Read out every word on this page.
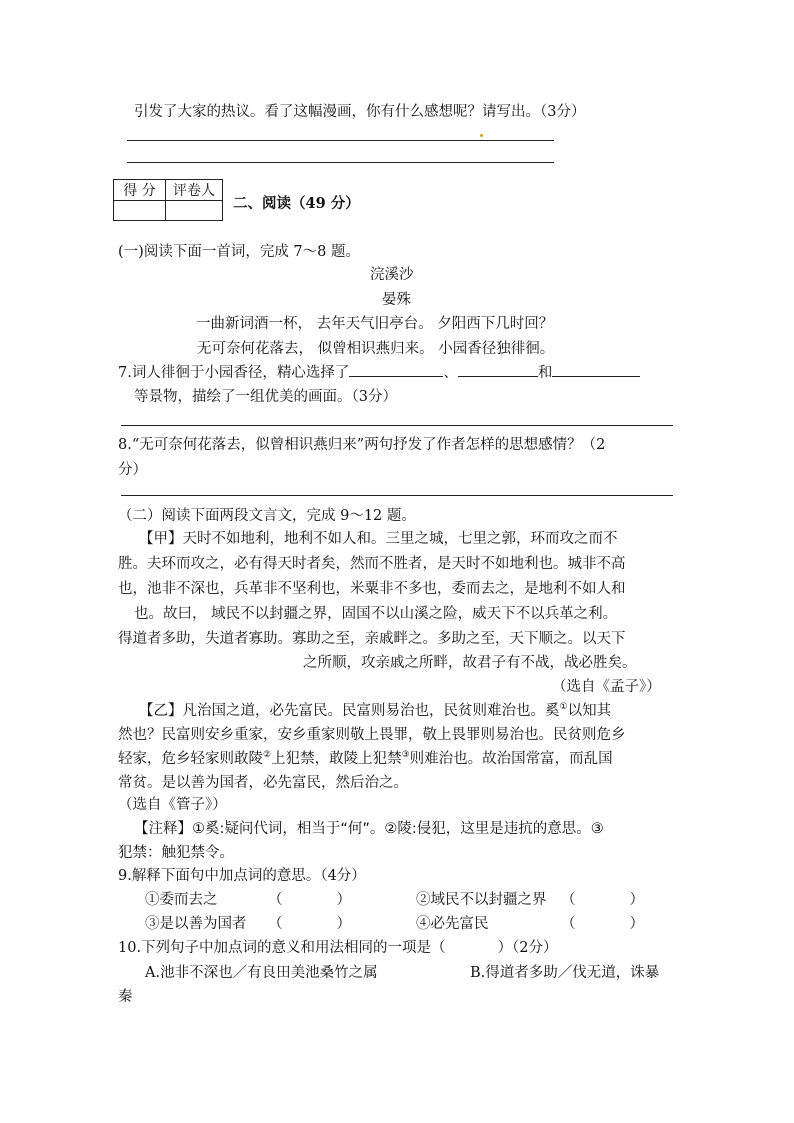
引发了大家的热议。看了这幅漫画，你有什么感想呢？请写出。（3分）
得 分	评卷人

二、阅读（49 分）
(一)阅读下面一首词，完成 7～8 题。
浣溪沙
晏殊
一曲新词酒一杯， 去年天气旧亭台。 夕阳西下几时回？
无可奈何花落去， 似曾相识燕归来。 小园香径独徘徊。
7.词人徘徊于小园香径，精心选择了	、	和
等景物，描绘了一组优美的画面。（3分）
8.“无可奈何花落去，似曾相识燕归来”两句抒发了作者怎样的思想感情？（2
分）
（二）阅读下面两段文言文，完成 9～12 题。
【甲】天时不如地利，地利不如人和。三里之城，七里之郭，环而攻之而不
胜。夫环而攻之，必有得天时者矣，然而不胜者，是天时不如地利也。城非不高
也，池非不深也，兵革非不坚利也，米粟非不多也，委而去之，是地利不如人和
也。故曰， 域民不以封疆之界，固国不以山溪之险，威天下不以兵革之利。
得道者多助，失道者寡助。寡助之至，亲戚畔之。多助之至，天下顺之。以天下
之所顺，攻亲戚之所畔，故君子有不战，战必胜矣。
（选自《孟子》）
【乙】凡治国之道，必先富民。民富则易治也，民贫则难治也。奚①以知其
然也？民富则安乡重家，安乡重家则敬上畏罪，敬上畏罪则易治也。民贫则危乡
轻家，危乡轻家则敢陵②上犯禁，敢陵上犯禁③则难治也。故治国常富，而乱国
常贫。是以善为国者，必先富民，然后治之。
（选自《管子》）
【注释】①奚:疑问代词，相当于“何”。②陵:侵犯，这里是违抗的意思。③
犯禁：触犯禁令。
9.解释下面句中加点词的意思。（4分）
①委而去之	（	）	②域民不以封疆之界 （	）
③是以善为国者 （	）	④必先富民	（	）
10.下列句子中加点词的意义和用法相同的一项是（	）（2分）
A.池非不深也／有良田美池桑竹之属	B.得道者多助／伐无道，诛暴
秦
